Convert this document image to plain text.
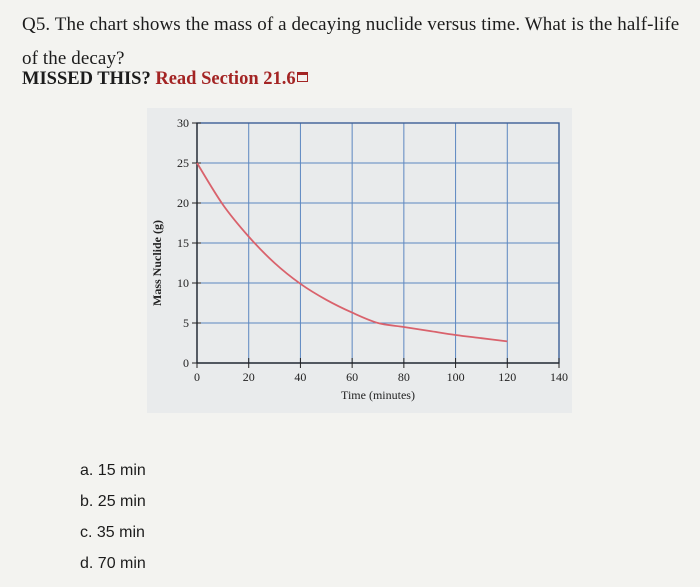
Q5. The chart shows the mass of a decaying nuclide versus time. What is the half-life of the decay?
MISSED THIS? Read Section 21.6
0	20	40	60	80	100	120	140
0
5
10
15
20
25
30
Time (minutes)
Mass Nuclide (g)
a. 15 min
b. 25 min
c. 35 min
d. 70 min
